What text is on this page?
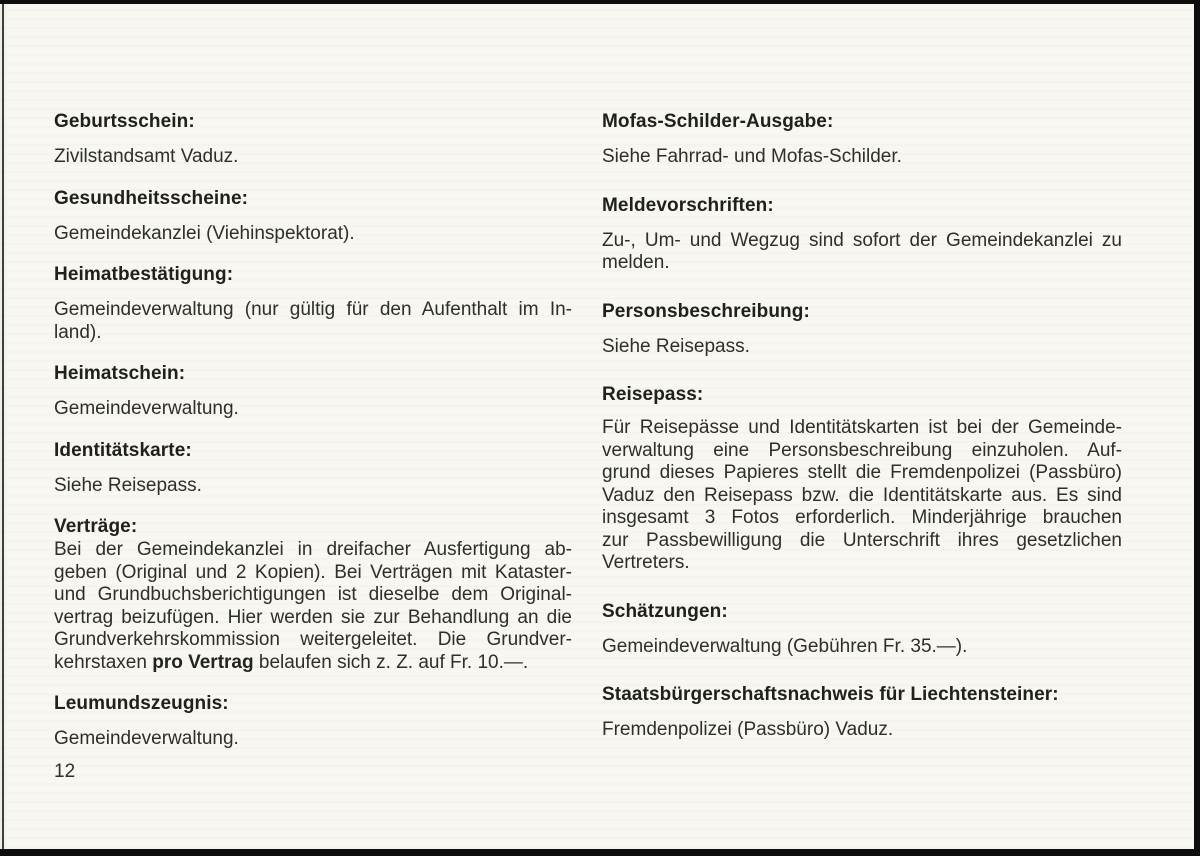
Geburtsschein:

Zivilstandsamt Vaduz.

Gesundheitsscheine:

Gemeindekanzlei (Viehinspektorat).

Heimatbestätigung:

Gemeindeverwaltung (nur gültig für den Aufenthalt im In-
land).

Heimatschein:

Gemeindeverwaltung.

Identitätskarte:

Siehe Reisepass.

Verträge:

Bei der Gemeindekanzlei in dreifacher Ausfertigung ab-
geben (Original und 2 Kopien). Bei Verträgen mit Kataster-
und Grundbuchsberichtigungen ist dieselbe dem Original-
vertrag beizufügen. Hier werden sie zur Behandlung an die
Grundverkehrskommission weitergeleitet. Die Grundver-
kehrstaxen pro Vertrag belaufen sich z. Z. auf Fr. 10.—.

Leumundszeugnis:

Gemeindeverwaltung.

Mofas-Schilder-Ausgabe:

Siehe Fahrrad- und Mofas-Schilder.

Meldevorschriften:

Zu-, Um- und Wegzug sind sofort der Gemeindekanzlei zu
melden.

Personsbeschreibung:

Siehe Reisepass.

Reisepass:

Für Reisepässe und Identitätskarten ist bei der Gemeinde-
verwaltung eine Personsbeschreibung einzuholen. Auf-
grund dieses Papieres stellt die Fremdenpolizei (Passbüro)
Vaduz den Reisepass bzw. die Identitätskarte aus. Es sind
insgesamt 3 Fotos erforderlich. Minderjährige brauchen
zur Passbewilligung die Unterschrift ihres gesetzlichen
Vertreters.

Schätzungen:

Gemeindeverwaltung (Gebühren Fr. 35.—).

Staatsbürgerschaftsnachweis für Liechtensteiner:

Fremdenpolizei (Passbüro) Vaduz.

12
